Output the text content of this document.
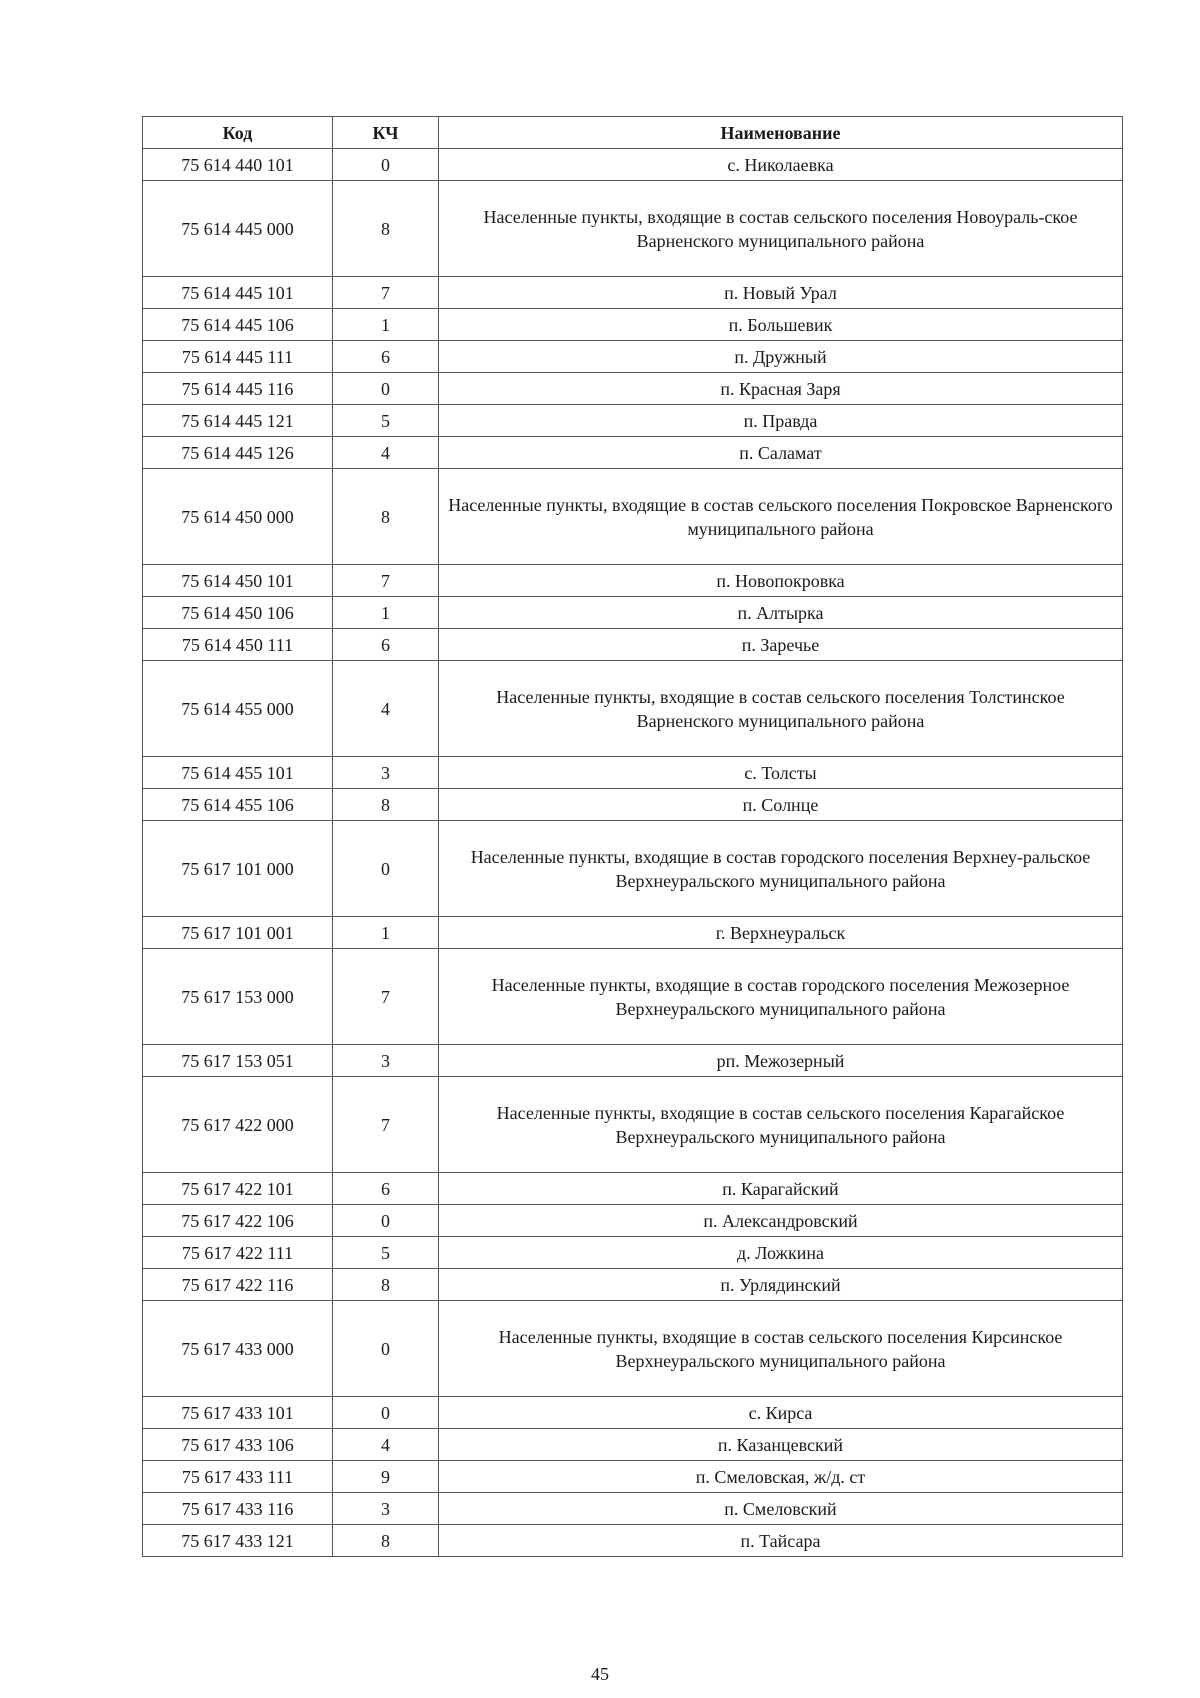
Код	КЧ	Наименование
75 614 440 101	0	с. Николаевка
75 614 445 000	8	Населенные пункты, входящие в состав сельского поселения Новоураль-ское Варненского муниципального района
75 614 445 101	7	п. Новый Урал
75 614 445 106	1	п. Большевик
75 614 445 111	6	п. Дружный
75 614 445 116	0	п. Красная Заря
75 614 445 121	5	п. Правда
75 614 445 126	4	п. Саламат
75 614 450 000	8	Населенные пункты, входящие в состав сельского поселения Покровское Варненского муниципального района
75 614 450 101	7	п. Новопокровка
75 614 450 106	1	п. Алтырка
75 614 450 111	6	п. Заречье
75 614 455 000	4	Населенные пункты, входящие в состав сельского поселения Толстинское Варненского муниципального района
75 614 455 101	3	с. Толсты
75 614 455 106	8	п. Солнце
75 617 101 000	0	Населенные пункты, входящие в состав городского поселения Верхнеу-ральское Верхнеуральского муниципального района
75 617 101 001	1	г. Верхнеуральск
75 617 153 000	7	Населенные пункты, входящие в состав городского поселения Межозерное Верхнеуральского муниципального района
75 617 153 051	3	рп. Межозерный
75 617 422 000	7	Населенные пункты, входящие в состав сельского поселения Карагайское Верхнеуральского муниципального района
75 617 422 101	6	п. Карагайский
75 617 422 106	0	п. Александровский
75 617 422 111	5	д. Ложкина
75 617 422 116	8	п. Урлядинский
75 617 433 000	0	Населенные пункты, входящие в состав сельского поселения Кирсинское Верхнеуральского муниципального района
75 617 433 101	0	с. Кирса
75 617 433 106	4	п. Казанцевский
75 617 433 111	9	п. Смеловская, ж/д. ст
75 617 433 116	3	п. Смеловский
75 617 433 121	8	п. Тайсара
45
